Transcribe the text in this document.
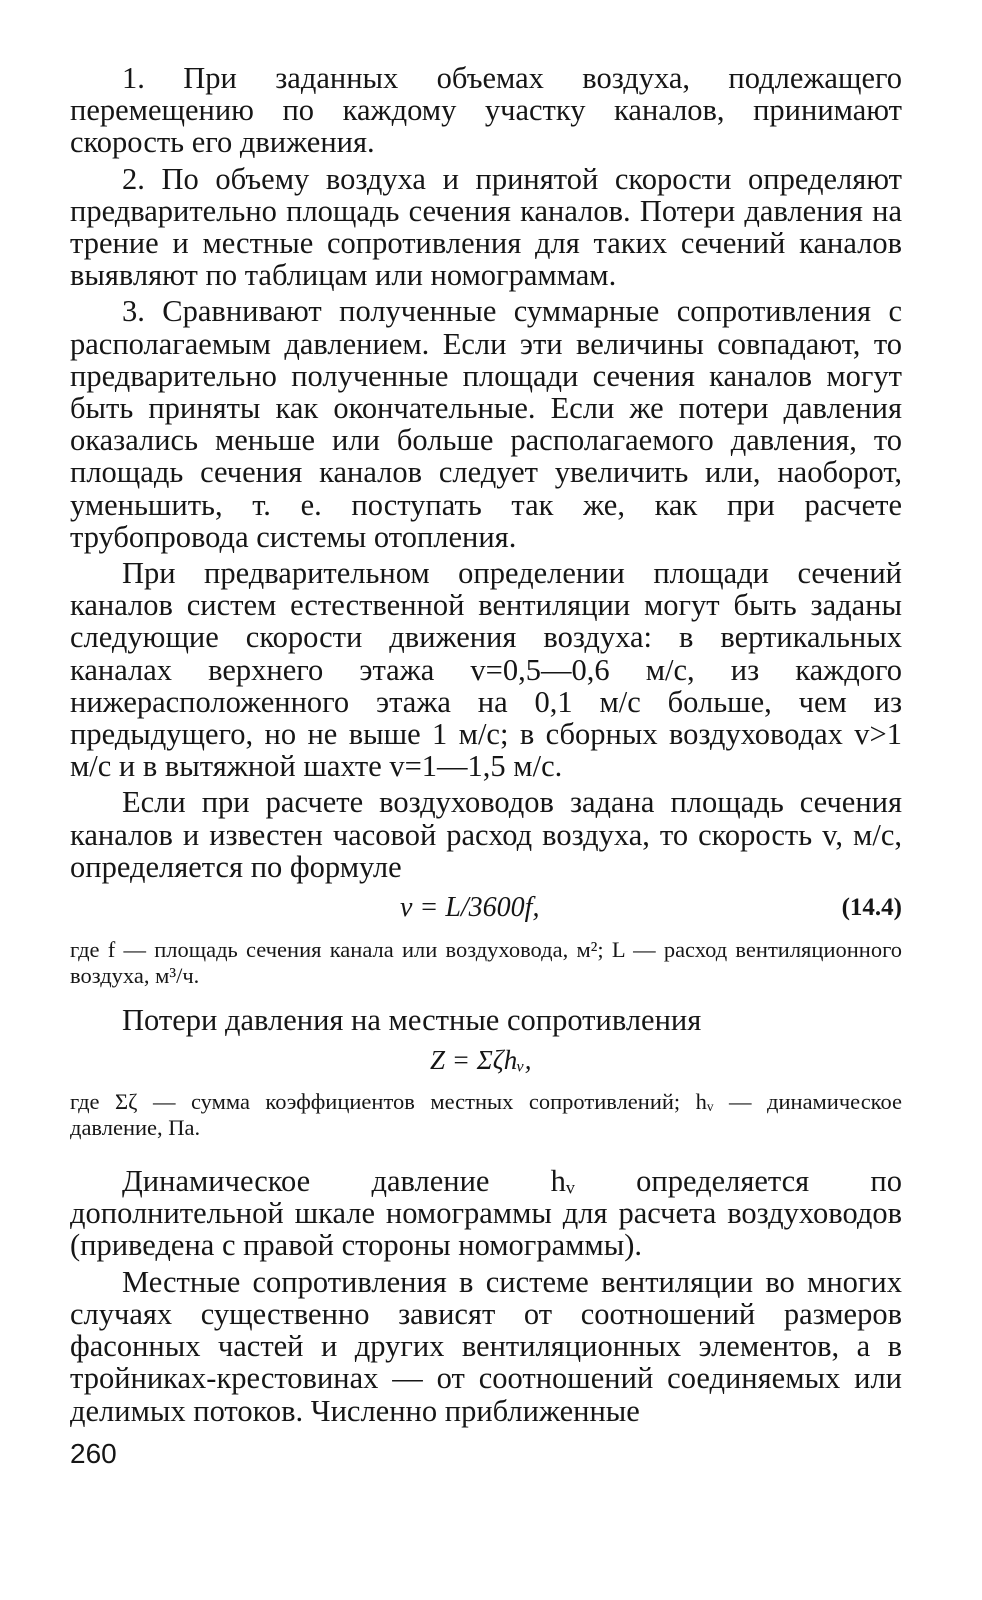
1. При заданных объемах воздуха, подлежащего перемещению по каждому участку каналов, принимают скорость его движения.

2. По объему воздуха и принятой скорости определяют предварительно площадь сечения каналов. Потери давления на трение и местные сопротивления для таких сечений каналов выявляют по таблицам или номограммам.

3. Сравнивают полученные суммарные сопротивления с располагаемым давлением. Если эти величины совпадают, то предварительно полученные площади сечения каналов могут быть приняты как окончательные. Если же потери давления оказались меньше или больше располагаемого давления, то площадь сечения каналов следует увеличить или, наоборот, уменьшить, т. е. поступать так же, как при расчете трубопровода системы отопления.

При предварительном определении площади сечений каналов систем естественной вентиляции могут быть заданы следующие скорости движения воздуха: в вертикальных каналах верхнего этажа v=0,5—0,6 м/с, из каждого нижерасположенного этажа на 0,1 м/с больше, чем из предыдущего, но не выше 1 м/с; в сборных воздуховодах v>1 м/с и в вытяжной шахте v=1—1,5 м/с.

Если при расчете воздуховодов задана площадь сечения каналов и известен часовой расход воздуха, то скорость v, м/с, определяется по формуле

v = L/3600f,	(14.4)

где f — площадь сечения канала или воздуховода, м²; L — расход вентиляционного воздуха, м³/ч.

Потери давления на местные сопротивления

Z = Σζhᵥ,

где Σζ — сумма коэффициентов местных сопротивлений; hᵥ — динамическое давление, Па.

Динамическое давление hᵥ определяется по дополнительной шкале номограммы для расчета воздуховодов (приведена с правой стороны номограммы).

Местные сопротивления в системе вентиляции во многих случаях существенно зависят от соотношений размеров фасонных частей и других вентиляционных элементов, а в тройниках-крестовинах — от соотношений соединяемых или делимых потоков. Численно приближенные

260
